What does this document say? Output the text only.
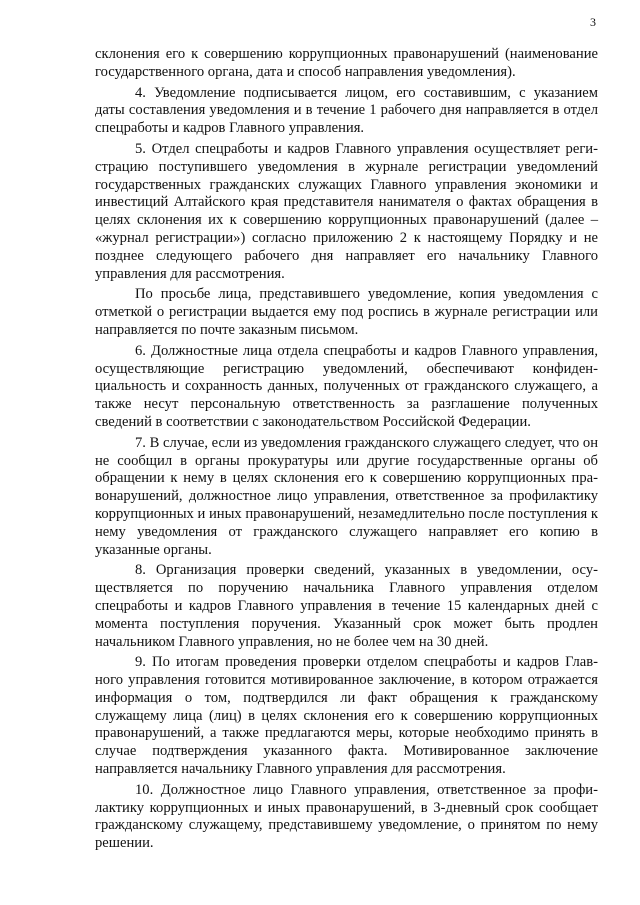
3

склонения его к совершению коррупционных правонарушений (наименование государственного органа, дата и способ направления уведомления).

4. Уведомление подписывается лицом, его составившим, с указанием даты составления уведомления и в течение 1 рабочего дня направляется в отдел спецработы и кадров Главного управления.

5. Отдел спецработы и кадров Главного управления осуществляет регистрацию поступившего уведомления в журнале регистрации уведомлений государственных гражданских служащих Главного управления экономики и инвестиций Алтайского края представителя нанимателя о фактах обращения в целях склонения их к совершению коррупционных правонарушений (далее – «журнал регистрации») согласно приложению 2 к настоящему Порядку и не позднее следующего рабочего дня направляет его начальнику Главного управления для рассмотрения.

По просьбе лица, представившего уведомление, копия уведомления с отметкой о регистрации выдается ему под роспись в журнале регистрации или направляется по почте заказным письмом.

6. Должностные лица отдела спецработы и кадров Главного управления, осуществляющие регистрацию уведомлений, обеспечивают конфиденциальность и сохранность данных, полученных от гражданского служащего, а также несут персональную ответственность за разглашение полученных сведений в соответствии с законодательством Российской Федерации.

7. В случае, если из уведомления гражданского служащего следует, что он не сообщил в органы прокуратуры или другие государственные органы об обращении к нему в целях склонения его к совершению коррупционных правонарушений, должностное лицо управления, ответственное за профилактику коррупционных и иных правонарушений, незамедлительно после поступления к нему уведомления от гражданского служащего направляет его копию в указанные органы.

8. Организация проверки сведений, указанных в уведомлении, осуществляется по поручению начальника Главного управления отделом спецработы и кадров Главного управления в течение 15 календарных дней с момента поступления поручения. Указанный срок может быть продлен начальником Главного управления, но не более чем на 30 дней.

9. По итогам проведения проверки отделом спецработы и кадров Главного управления готовится мотивированное заключение, в котором отражается информация о том, подтвердился ли факт обращения к гражданскому служащему лица (лиц) в целях склонения его к совершению коррупционных правонарушений, а также предлагаются меры, которые необходимо принять в случае подтверждения указанного факта. Мотивированное заключение направляется начальнику Главного управления для рассмотрения.

10. Должностное лицо Главного управления, ответственное за профилактику коррупционных и иных правонарушений, в 3-дневный срок сообщает гражданскому служащему, представившему уведомление, о принятом по нему решении.
